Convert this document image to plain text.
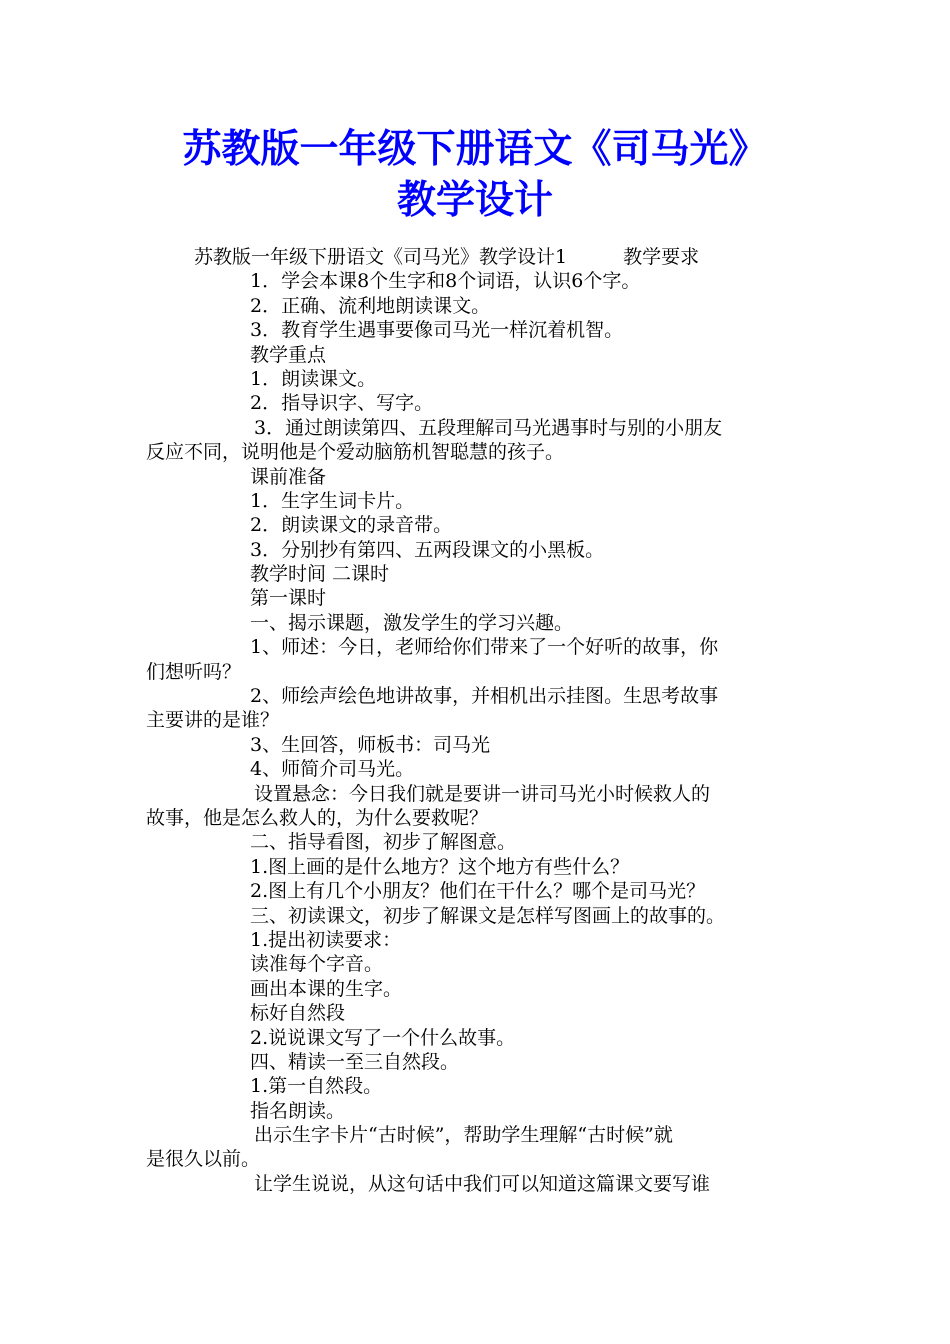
苏教版一年级下册语文《司马光》
教学设计
苏教版一年级下册语文《司马光》教学设计1	教学要求
1．学会本课8个生字和8个词语，认识6个字。
2．正确、流利地朗读课文。
3．教育学生遇事要像司马光一样沉着机智。
教学重点
1．朗读课文。
2．指导识字、写字。
3．通过朗读第四、五段理解司马光遇事时与别的小朋友
反应不同，说明他是个爱动脑筋机智聪慧的孩子。
课前准备
1．生字生词卡片。
2．朗读课文的录音带。
3．分别抄有第四、五两段课文的小黑板。
教学时间 二课时
第一课时
一、揭示课题，激发学生的学习兴趣。
1、师述：今日，老师给你们带来了一个好听的故事，你
们想听吗？
2、师绘声绘色地讲故事，并相机出示挂图。生思考故事
主要讲的是谁？
3、生回答，师板书：司马光
4、师简介司马光。
设置悬念：今日我们就是要讲一讲司马光小时候救人的
故事，他是怎么救人的，为什么要救呢？
二、指导看图，初步了解图意。
1.图上画的是什么地方？这个地方有些什么？
2.图上有几个小朋友？他们在干什么？哪个是司马光？
三、初读课文，初步了解课文是怎样写图画上的故事的。
1.提出初读要求：
读准每个字音。
画出本课的生字。
标好自然段
2.说说课文写了一个什么故事。
四、精读一至三自然段。
1.第一自然段。
指名朗读。
出示生字卡片“古时候”，帮助学生理解“古时候”就
是很久以前。
让学生说说，从这句话中我们可以知道这篇课文要写谁
